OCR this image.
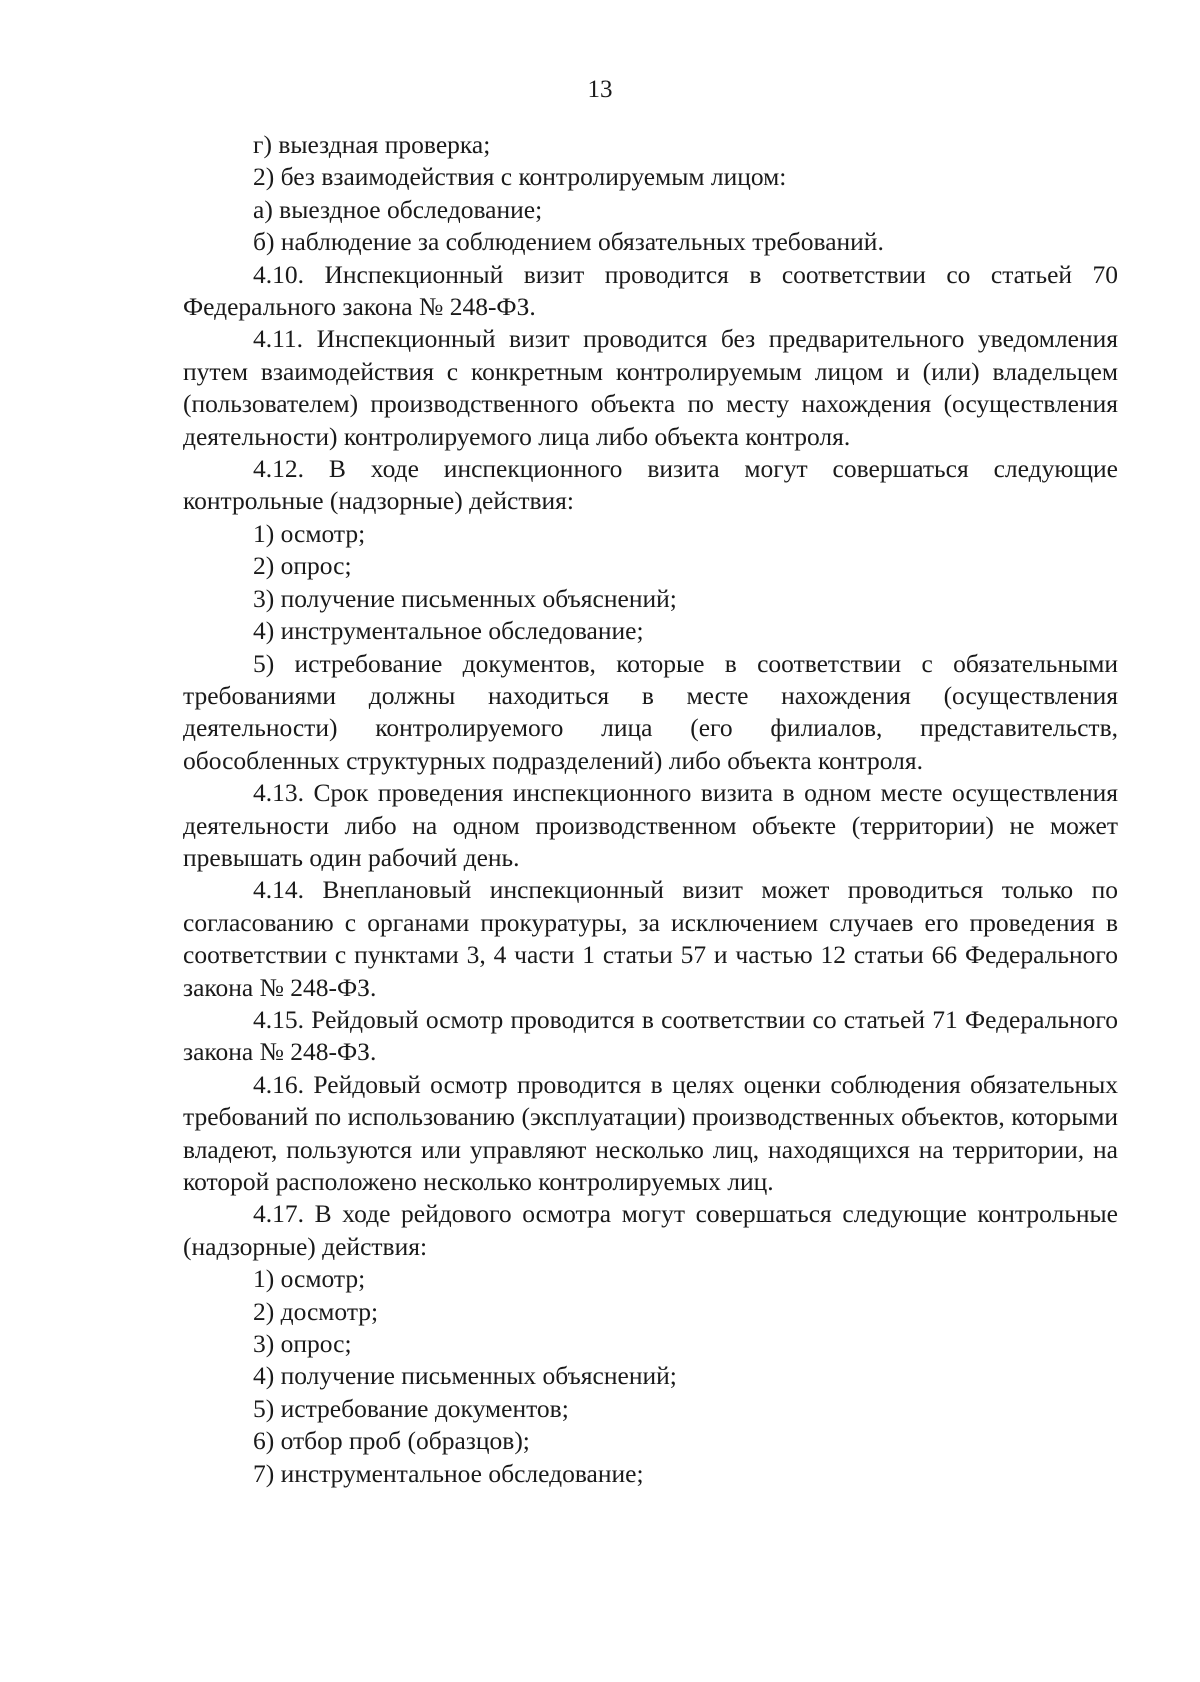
13

г) выездная проверка;

2) без взаимодействия с контролируемым лицом:

а) выездное обследование;

б) наблюдение за соблюдением обязательных требований.

4.10. Инспекционный визит проводится в соответствии со статьей 70 Федерального закона № 248-ФЗ.

4.11. Инспекционный визит проводится без предварительного уведомления путем взаимодействия с конкретным контролируемым лицом и (или) владельцем (пользователем) производственного объекта по месту нахождения (осуществления деятельности) контролируемого лица либо объекта контроля.

4.12. В ходе инспекционного визита могут совершаться следующие контрольные (надзорные) действия:

1) осмотр;

2) опрос;

3) получение письменных объяснений;

4) инструментальное обследование;

5) истребование документов, которые в соответствии с обязательными требованиями должны находиться в месте нахождения (осуществления деятельности) контролируемого лица (его филиалов, представительств, обособленных структурных подразделений) либо объекта контроля.

4.13. Срок проведения инспекционного визита в одном месте осуществления деятельности либо на одном производственном объекте (территории) не может превышать один рабочий день.

4.14. Внеплановый инспекционный визит может проводиться только по согласованию с органами прокуратуры, за исключением случаев его проведения в соответствии с пунктами 3, 4 части 1 статьи 57 и частью 12 статьи 66 Федерального закона № 248-ФЗ.

4.15. Рейдовый осмотр проводится в соответствии со статьей 71 Федерального закона № 248-ФЗ.

4.16. Рейдовый осмотр проводится в целях оценки соблюдения обязательных требований по использованию (эксплуатации) производственных объектов, которыми владеют, пользуются или управляют несколько лиц, находящихся на территории, на которой расположено несколько контролируемых лиц.

4.17. В ходе рейдового осмотра могут совершаться следующие контрольные (надзорные) действия:

1) осмотр;

2) досмотр;

3) опрос;

4) получение письменных объяснений;

5) истребование документов;

6) отбор проб (образцов);

7) инструментальное обследование;
